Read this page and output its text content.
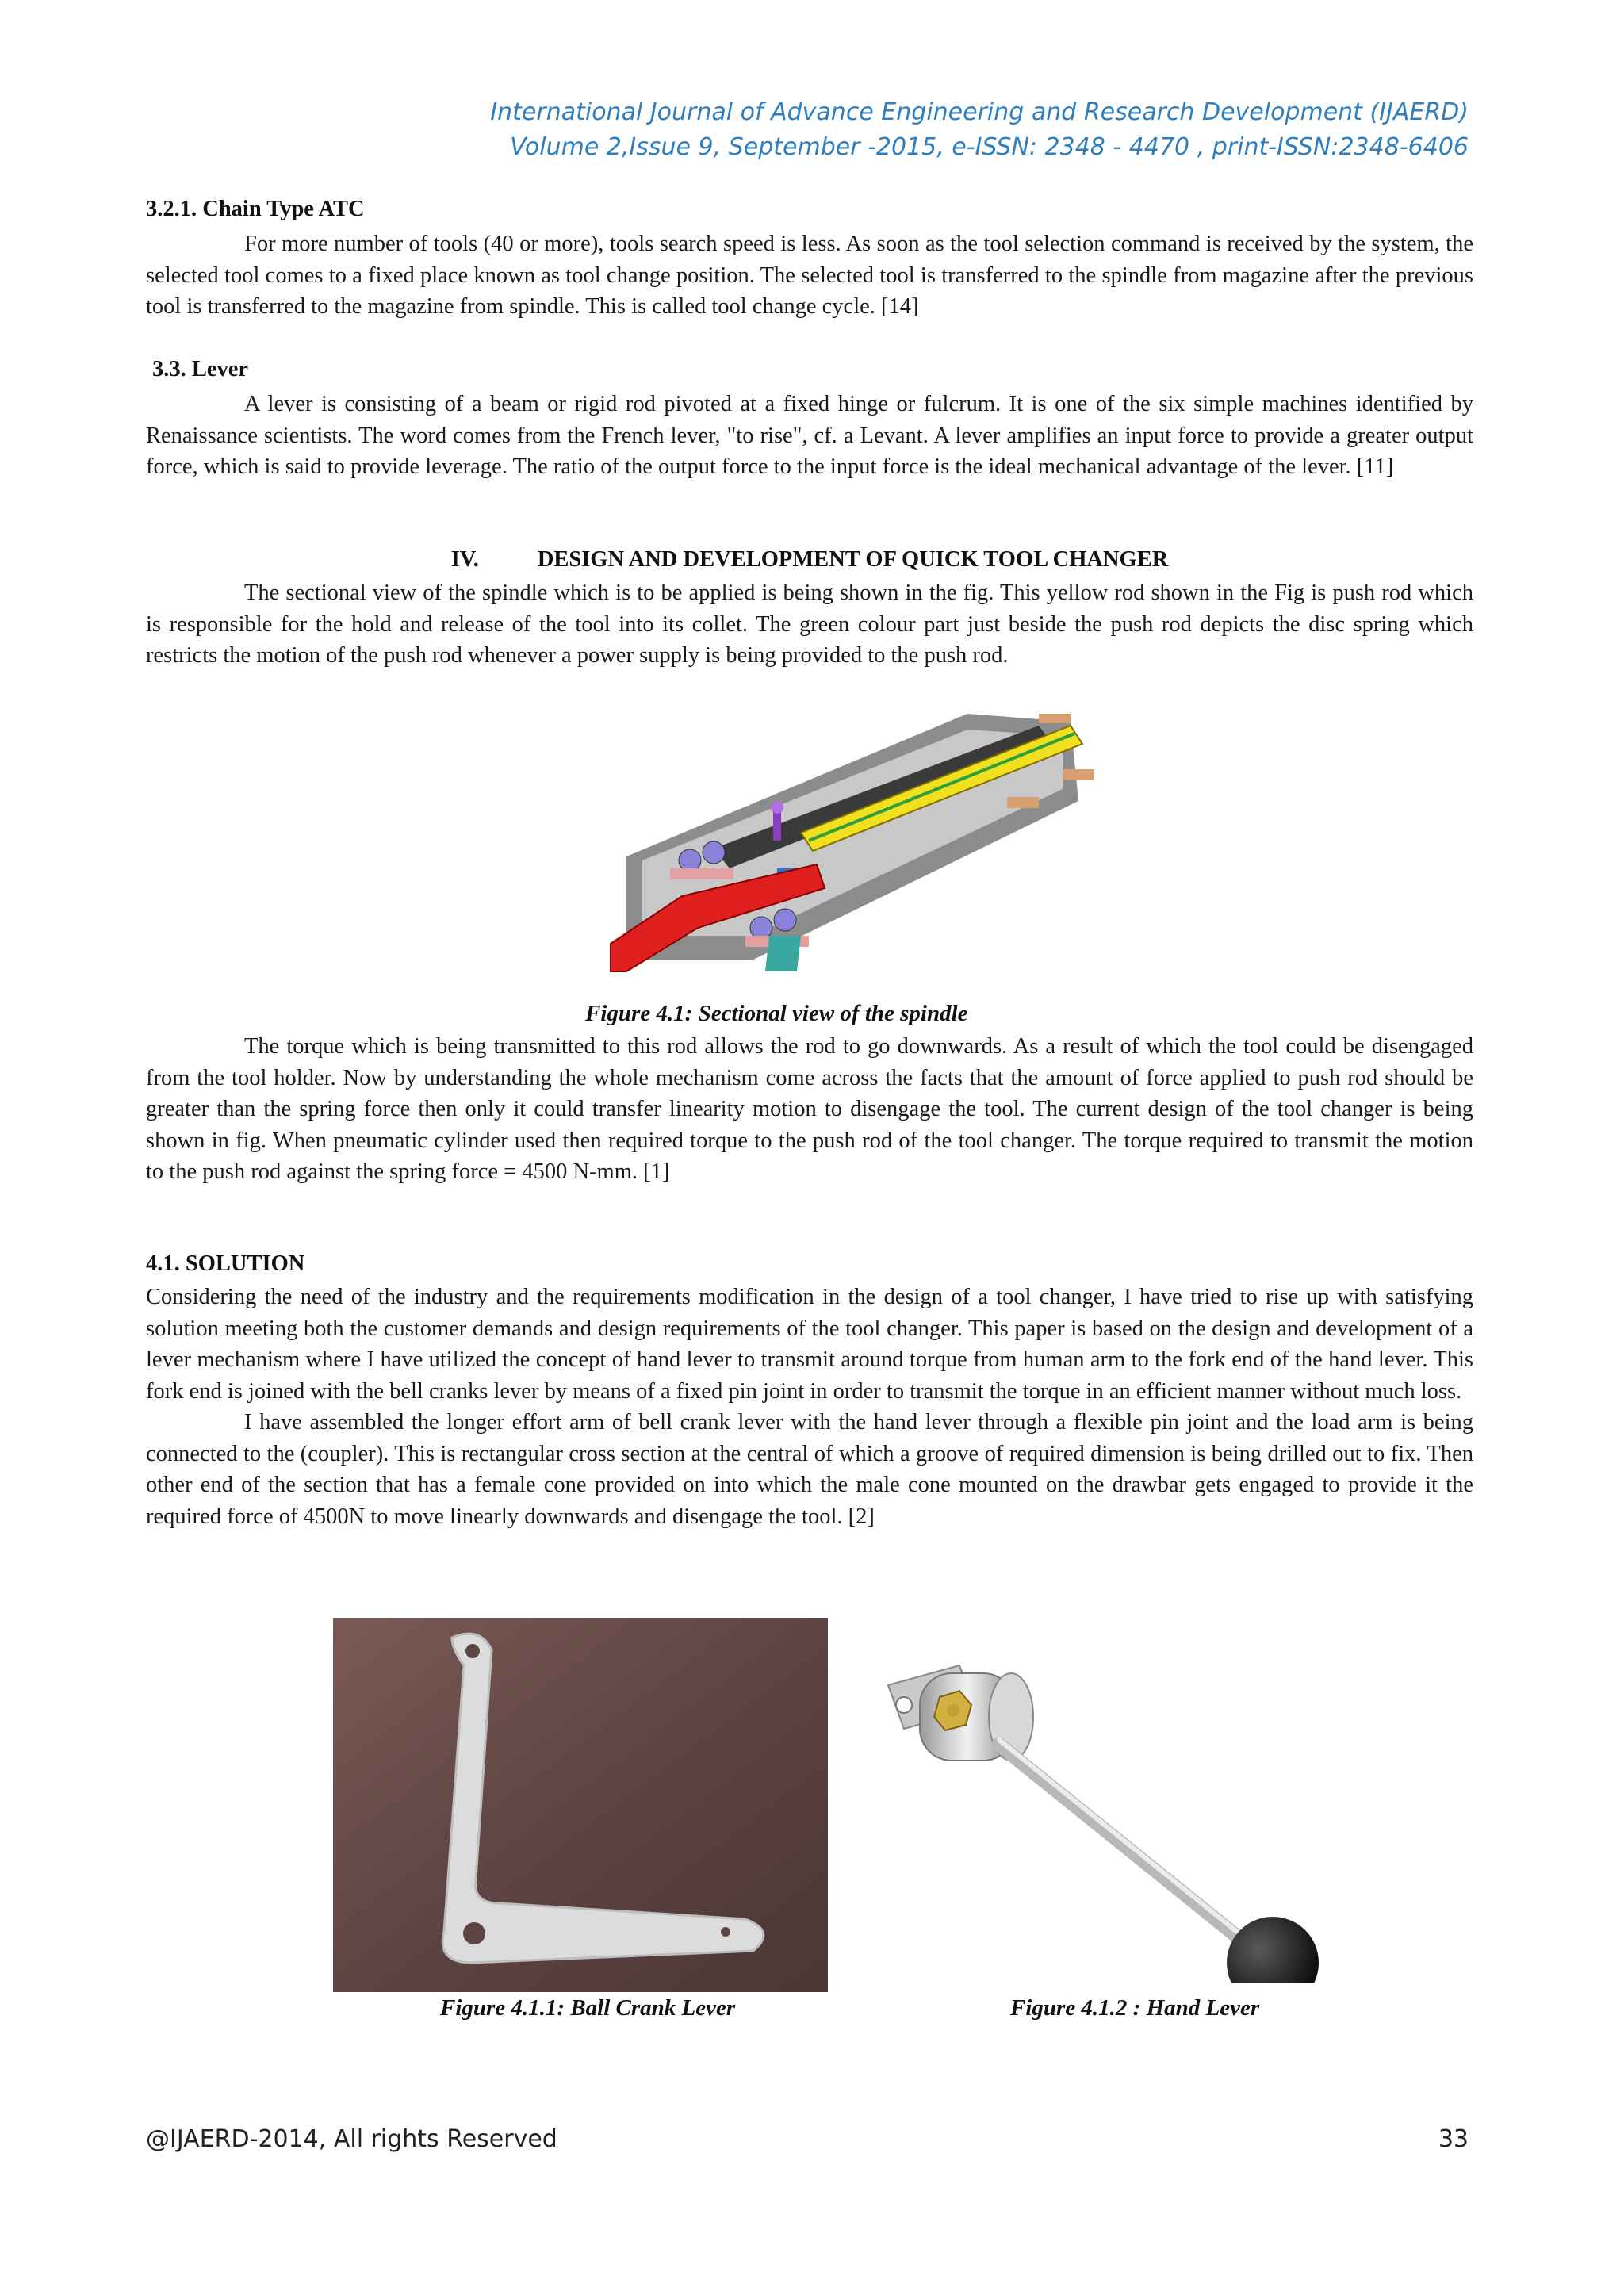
International Journal of Advance Engineering and Research Development (IJAERD)
Volume 2,Issue 9, September -2015, e-ISSN: 2348 - 4470 , print-ISSN:2348-6406
3.2.1. Chain Type ATC

For more number of tools (40 or more), tools search speed is less. As soon as the tool selection command is received by the system, the selected tool comes to a fixed place known as tool change position. The selected tool is transferred to the spindle from magazine after the previous tool is transferred to the magazine from spindle. This is called tool change cycle. [14]

3.3. Lever

A lever is consisting of a beam or rigid rod pivoted at a fixed hinge or fulcrum. It is one of the six simple machines identified by Renaissance scientists. The word comes from the French lever, "to rise", cf. a Levant. A lever amplifies an input force to provide a greater output force, which is said to provide leverage. The ratio of the output force to the input force is the ideal mechanical advantage of the lever. [11]

IV.	DESIGN AND DEVELOPMENT OF QUICK TOOL CHANGER

The sectional view of the spindle which is to be applied is being shown in the fig. This yellow rod shown in the Fig is push rod which is responsible for the hold and release of the tool into its collet. The green colour part just beside the push rod depicts the disc spring which restricts the motion of the push rod whenever a power supply is being provided to the push rod.

Figure 4.1: Sectional view of the spindle

The torque which is being transmitted to this rod allows the rod to go downwards. As a result of which the tool could be disengaged from the tool holder. Now by understanding the whole mechanism come across the facts that the amount of force applied to push rod should be greater than the spring force then only it could transfer linearity motion to disengage the tool. The current design of the tool changer is being shown in fig. When pneumatic cylinder used then required torque to the push rod of the tool changer. The torque required to transmit the motion to the push rod against the spring force = 4500 N-mm. [1]

4.1. SOLUTION

Considering the need of the industry and the requirements modification in the design of a tool changer, I have tried to rise up with satisfying solution meeting both the customer demands and design requirements of the tool changer. This paper is based on the design and development of a lever mechanism where I have utilized the concept of hand lever to transmit around torque from human arm to the fork end of the hand lever. This fork end is joined with the bell cranks lever by means of a fixed pin joint in order to transmit the torque in an efficient manner without much loss.

I have assembled the longer effort arm of bell crank lever with the hand lever through a flexible pin joint and the load arm is being connected to the (coupler). This is rectangular cross section at the central of which a groove of required dimension is being drilled out to fix. Then other end of the section that has a female cone provided on into which the male cone mounted on the drawbar gets engaged to provide it the required force of 4500N to move linearly downwards and disengage the tool. [2]

Figure 4.1.1: Ball Crank Lever	Figure 4.1.2 : Hand Lever
@IJAERD-2014, All rights Reserved	33
